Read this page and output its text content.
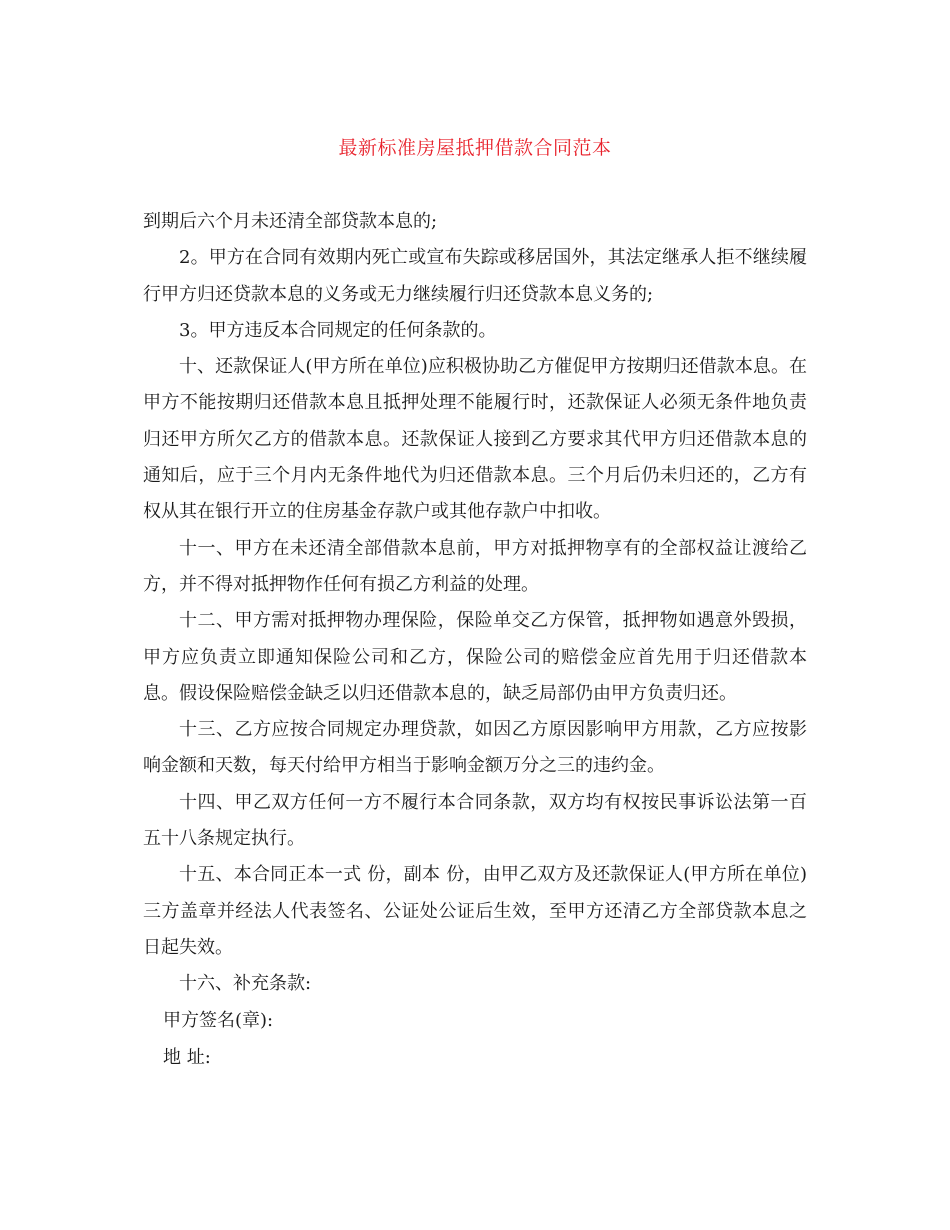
最新标准房屋抵押借款合同范本

到期后六个月未还清全部贷款本息的;

2。甲方在合同有效期内死亡或宣布失踪或移居国外，其法定继承人拒不继续履行甲方归还贷款本息的义务或无力继续履行归还贷款本息义务的;

3。甲方违反本合同规定的任何条款的。

十、还款保证人(甲方所在单位)应积极协助乙方催促甲方按期归还借款本息。在甲方不能按期归还借款本息且抵押处理不能履行时，还款保证人必须无条件地负责归还甲方所欠乙方的借款本息。还款保证人接到乙方要求其代甲方归还借款本息的通知后，应于三个月内无条件地代为归还借款本息。三个月后仍未归还的，乙方有权从其在银行开立的住房基金存款户或其他存款户中扣收。

十一、甲方在未还清全部借款本息前，甲方对抵押物享有的全部权益让渡给乙方，并不得对抵押物作任何有损乙方利益的处理。

十二、甲方需对抵押物办理保险，保险单交乙方保管，抵押物如遇意外毁损，甲方应负责立即通知保险公司和乙方，保险公司的赔偿金应首先用于归还借款本息。假设保险赔偿金缺乏以归还借款本息的，缺乏局部仍由甲方负责归还。

十三、乙方应按合同规定办理贷款，如因乙方原因影响甲方用款，乙方应按影响金额和天数，每天付给甲方相当于影响金额万分之三的违约金。

十四、甲乙双方任何一方不履行本合同条款，双方均有权按民事诉讼法第一百五十八条规定执行。

十五、本合同正本一式 份，副本 份，由甲乙双方及还款保证人(甲方所在单位)三方盖章并经法人代表签名、公证处公证后生效，至甲方还清乙方全部贷款本息之日起失效。

十六、补充条款:

甲方签名(章):
地 址:
